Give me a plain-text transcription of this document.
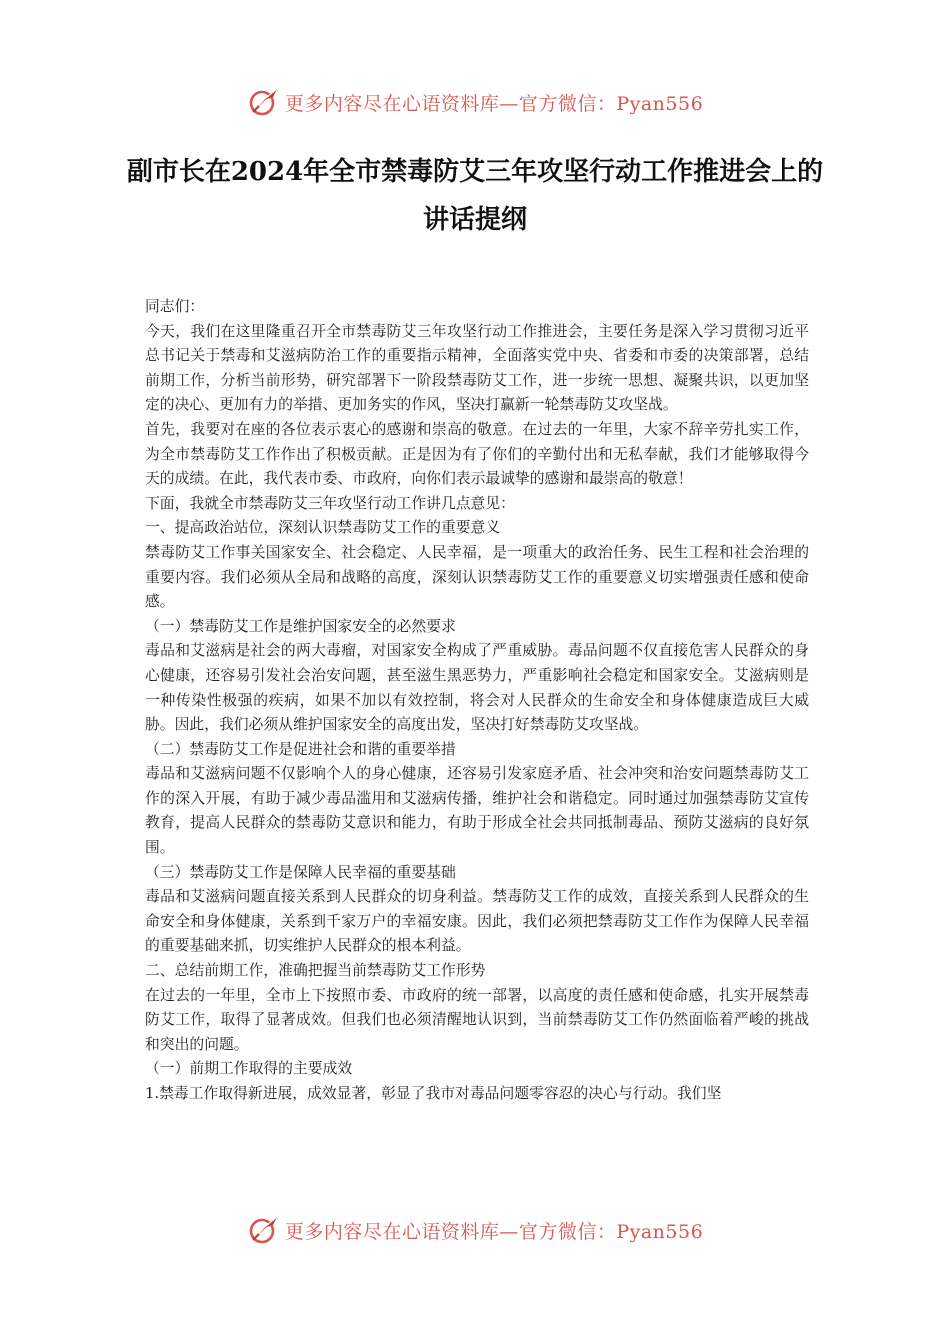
更多内容尽在心语资料库—官方微信：Pyan556
副市长在2024年全市禁毒防艾三年攻坚行动工作推进会上的讲话提纲

同志们：

今天，我们在这里隆重召开全市禁毒防艾三年攻坚行动工作推进会，主要任务是深入学习贯彻习近平总书记关于禁毒和艾滋病防治工作的重要指示精神，全面落实党中央、省委和市委的决策部署，总结前期工作，分析当前形势，研究部署下一阶段禁毒防艾工作，进一步统一思想、凝聚共识，以更加坚定的决心、更加有力的举措、更加务实的作风，坚决打赢新一轮禁毒防艾攻坚战。

首先，我要对在座的各位表示衷心的感谢和崇高的敬意。在过去的一年里，大家不辞辛劳扎实工作，为全市禁毒防艾工作作出了积极贡献。正是因为有了你们的辛勤付出和无私奉献，我们才能够取得今天的成绩。在此，我代表市委、市政府，向你们表示最诚挚的感谢和最崇高的敬意！

下面，我就全市禁毒防艾三年攻坚行动工作讲几点意见：

一、提高政治站位，深刻认识禁毒防艾工作的重要意义

禁毒防艾工作事关国家安全、社会稳定、人民幸福，是一项重大的政治任务、民生工程和社会治理的重要内容。我们必须从全局和战略的高度，深刻认识禁毒防艾工作的重要意义切实增强责任感和使命感。

（一）禁毒防艾工作是维护国家安全的必然要求

毒品和艾滋病是社会的两大毒瘤，对国家安全构成了严重威胁。毒品问题不仅直接危害人民群众的身心健康，还容易引发社会治安问题，甚至滋生黑恶势力，严重影响社会稳定和国家安全。艾滋病则是一种传染性极强的疾病，如果不加以有效控制，将会对人民群众的生命安全和身体健康造成巨大威胁。因此，我们必须从维护国家安全的高度出发，坚决打好禁毒防艾攻坚战。

（二）禁毒防艾工作是促进社会和谐的重要举措

毒品和艾滋病问题不仅影响个人的身心健康，还容易引发家庭矛盾、社会冲突和治安问题禁毒防艾工作的深入开展，有助于减少毒品滥用和艾滋病传播，维护社会和谐稳定。同时通过加强禁毒防艾宣传教育，提高人民群众的禁毒防艾意识和能力，有助于形成全社会共同抵制毒品、预防艾滋病的良好氛围。

（三）禁毒防艾工作是保障人民幸福的重要基础

毒品和艾滋病问题直接关系到人民群众的切身利益。禁毒防艾工作的成效，直接关系到人民群众的生命安全和身体健康，关系到千家万户的幸福安康。因此，我们必须把禁毒防艾工作作为保障人民幸福的重要基础来抓，切实维护人民群众的根本利益。

二、总结前期工作，准确把握当前禁毒防艾工作形势

在过去的一年里，全市上下按照市委、市政府的统一部署，以高度的责任感和使命感，扎实开展禁毒防艾工作，取得了显著成效。但我们也必须清醒地认识到，当前禁毒防艾工作仍然面临着严峻的挑战和突出的问题。

（一）前期工作取得的主要成效

1.禁毒工作取得新进展，成效显著，彰显了我市对毒品问题零容忍的决心与行动。我们坚

更多内容尽在心语资料库—官方微信：Pyan556
